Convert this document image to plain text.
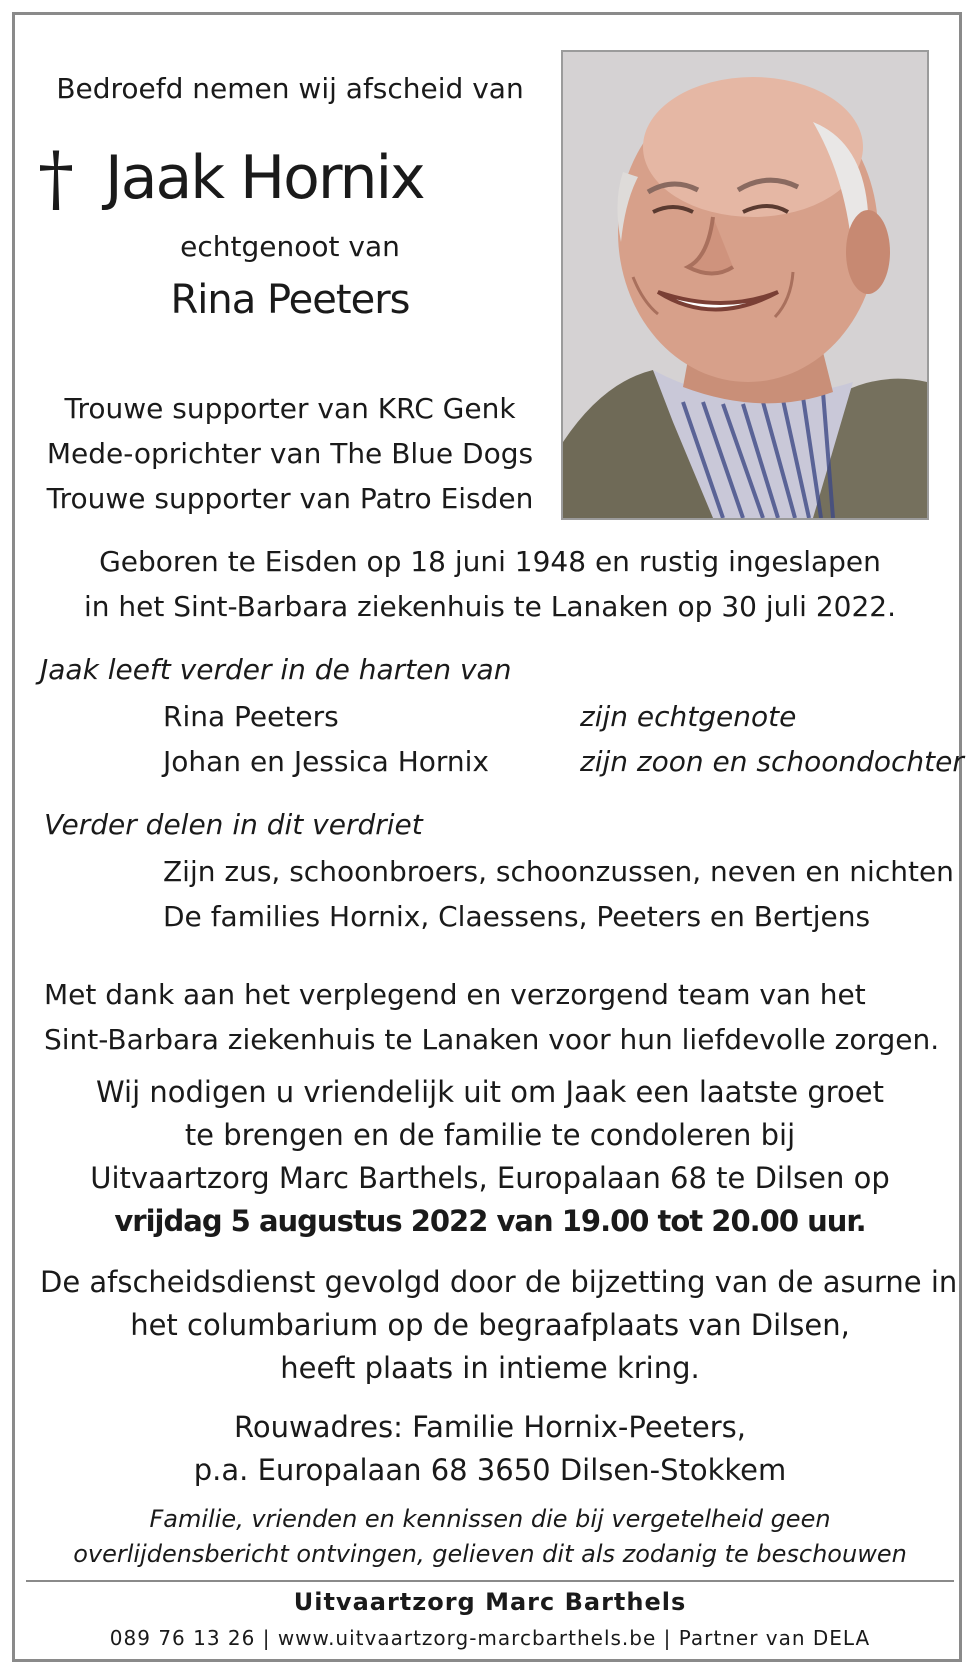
Bedroefd nemen wij afscheid van
† Jaak Hornix
echtgenoot van
Rina Peeters
Trouwe supporter van KRC Genk
Mede-oprichter van The Blue Dogs
Trouwe supporter van Patro Eisden
Geboren te Eisden op 18 juni 1948 en rustig ingeslapen
in het Sint-Barbara ziekenhuis te Lanaken op 30 juli 2022.
Jaak leeft verder in de harten van
Rina Peeters	zijn echtgenote
Johan en Jessica Hornix	zijn zoon en schoondochter
Verder delen in dit verdriet
Zijn zus, schoonbroers, schoonzussen, neven en nichten
De families Hornix, Claessens, Peeters en Bertjens
Met dank aan het verplegend en verzorgend team van het
Sint-Barbara ziekenhuis te Lanaken voor hun liefdevolle zorgen.
Wij nodigen u vriendelijk uit om Jaak een laatste groet
te brengen en de familie te condoleren bij
Uitvaartzorg Marc Barthels, Europalaan 68 te Dilsen op
vrijdag 5 augustus 2022 van 19.00 tot 20.00 uur.
De afscheidsdienst gevolgd door de bijzetting van de asurne in
het columbarium op de begraafplaats van Dilsen,
heeft plaats in intieme kring.
Rouwadres: Familie Hornix-Peeters,
p.a. Europalaan 68 3650 Dilsen-Stokkem
Familie, vrienden en kennissen die bij vergetelheid geen
overlijdensbericht ontvingen, gelieven dit als zodanig te beschouwen
Uitvaartzorg Marc Barthels
089 76 13 26 | www.uitvaartzorg-marcbarthels.be | Partner van DELA
